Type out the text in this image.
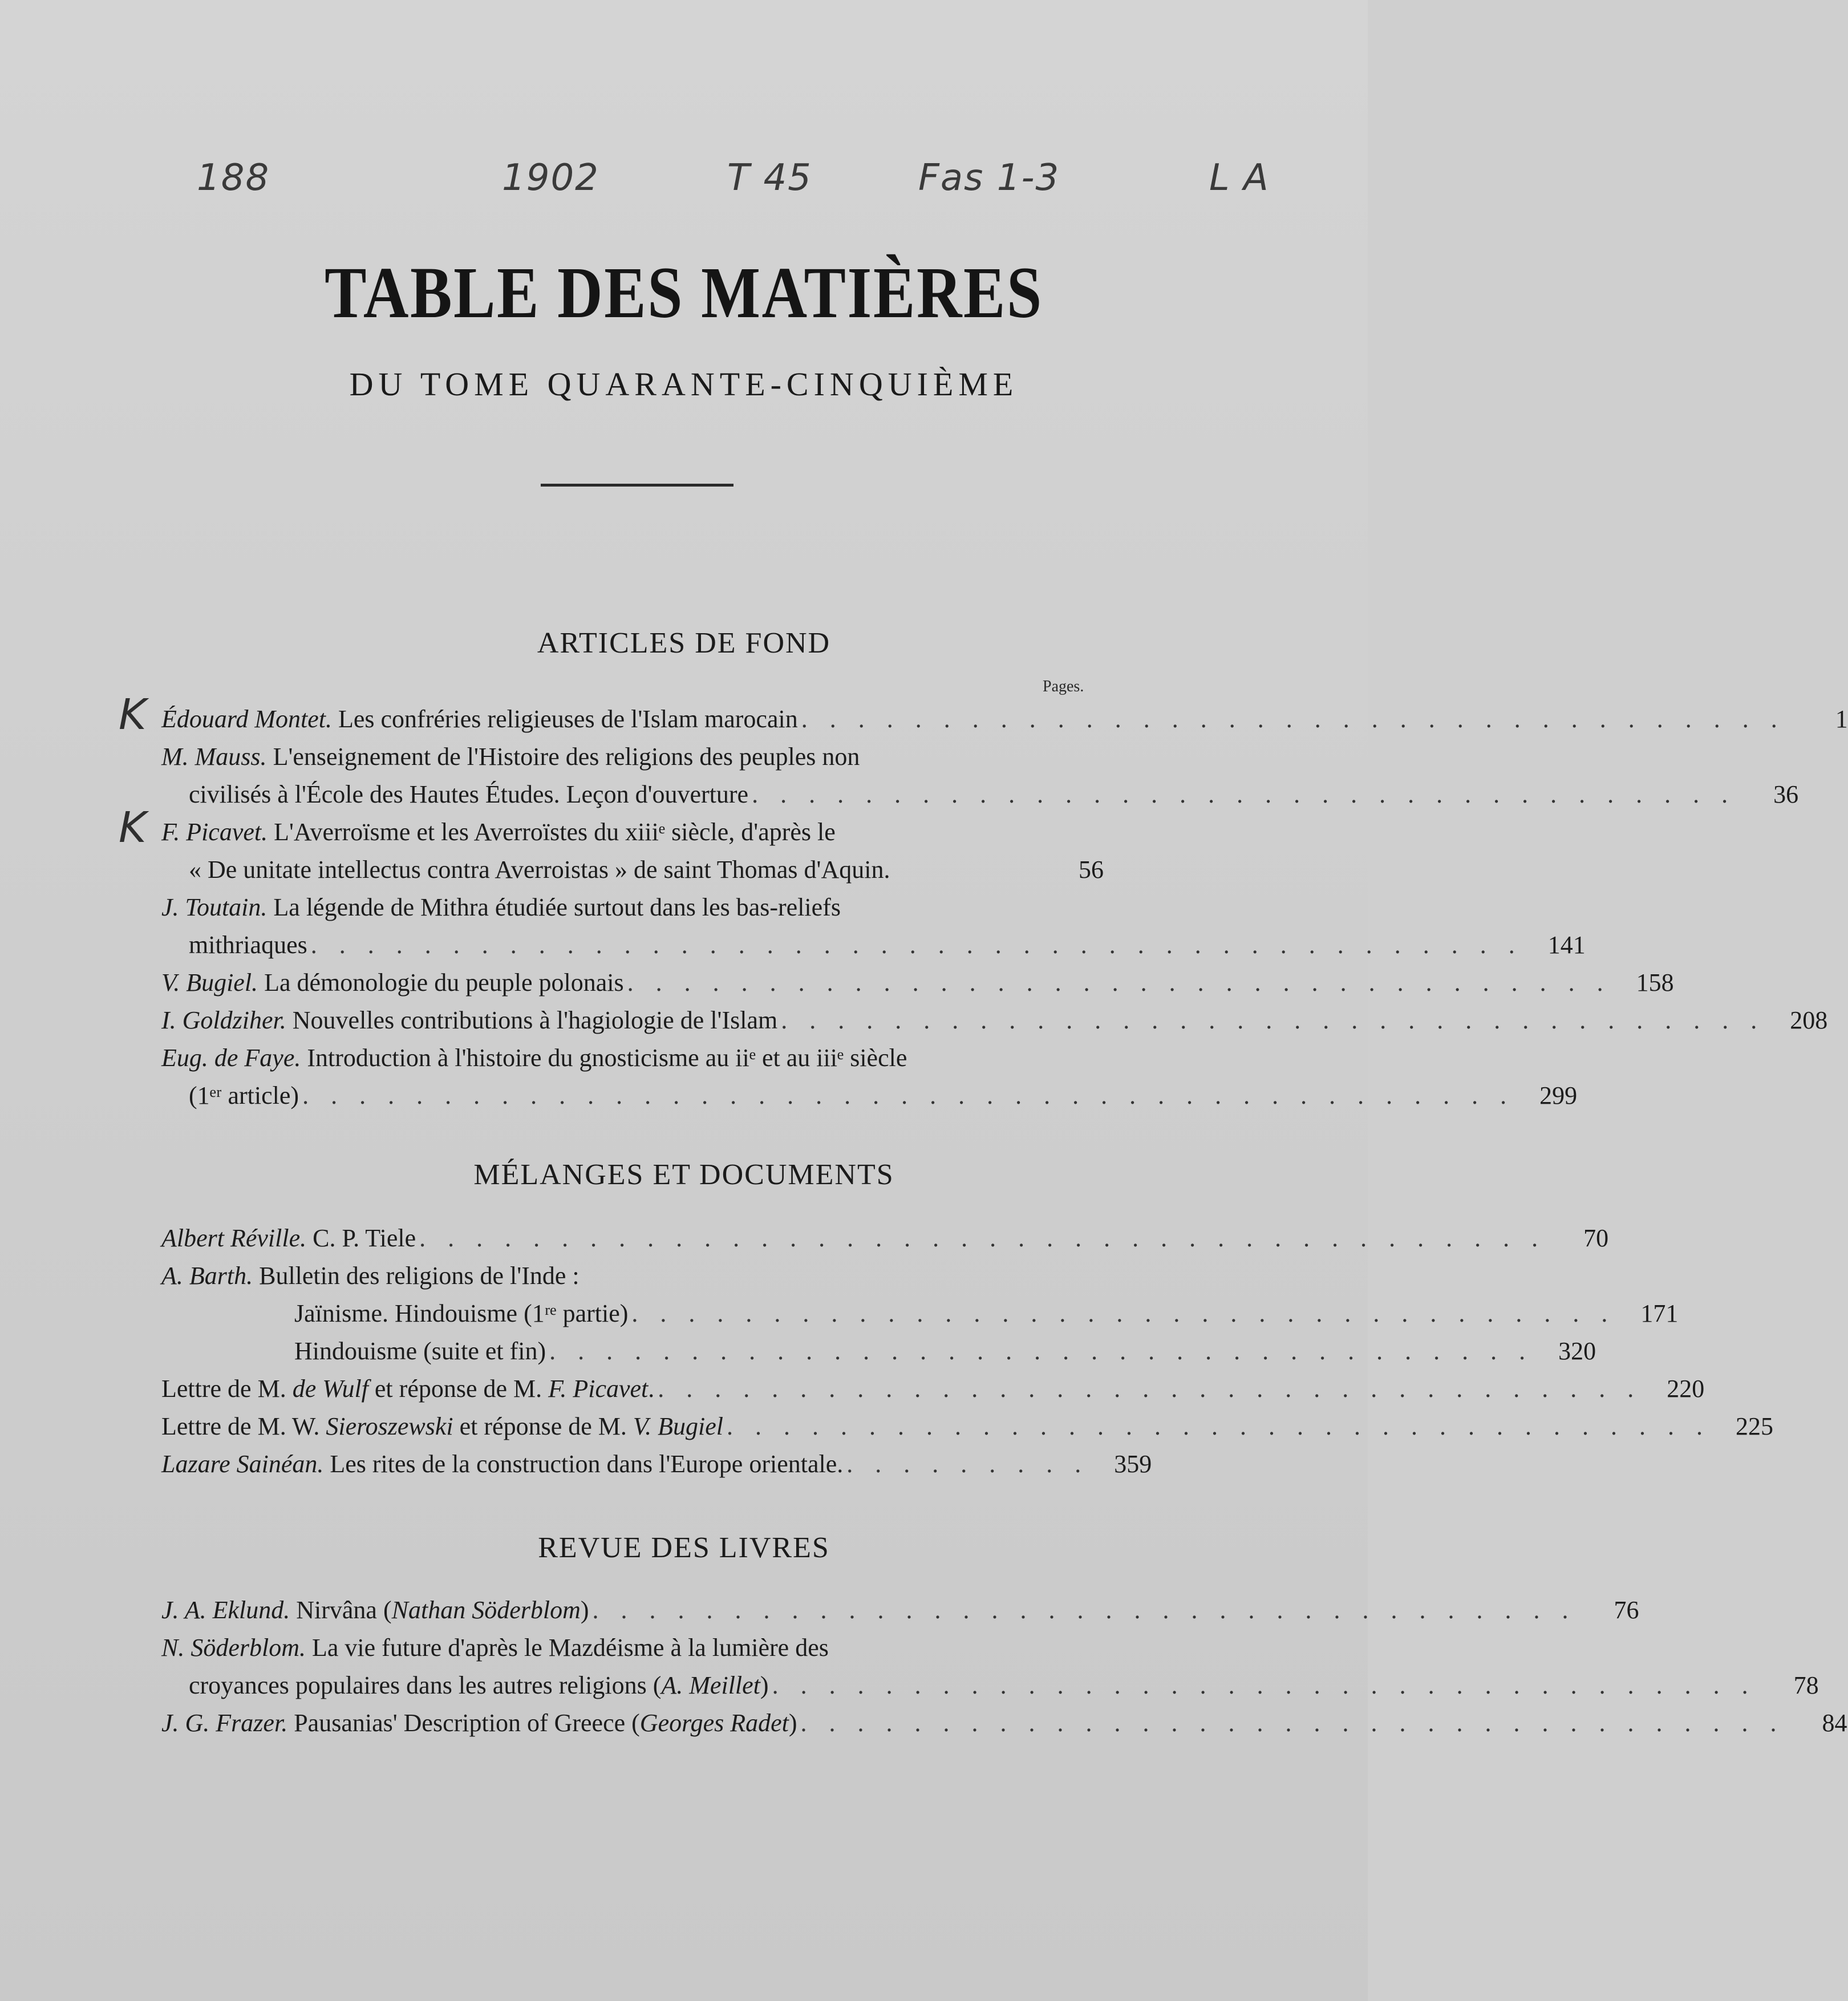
188	1902	T 45	Fas 1-3	L A
TABLE DES MATIÈRES
DU TOME QUARANTE-CINQUIÈME
ARTICLES DE FOND
Pages.
K
K
Édouard Montet. Les confréries religieuses de l'Islam marocain . . . . . . . . . . . . . . . . . . . . . . . . . . . . . . . . . . .	1
M. Mauss. L'enseignement de l'Histoire des religions des peuples non
civilisés à l'École des Hautes Études. Leçon d'ouverture . . . . . . . . . . . . . . . . . . . . . . . . . . . . . . . . . . .	36
F. Picavet. L'Averroïsme et les Averroïstes du xiiiᵉ siècle, d'après le
« De unitate intellectus contra Averroistas » de saint Thomas d'Aquin.	56
J. Toutain. La légende de Mithra étudiée surtout dans les bas-reliefs
mithriaques . . . . . . . . . . . . . . . . . . . . . . . . . . . . . . . . . . . . . . . . . . .	141
V. Bugiel. La démonologie du peuple polonais . . . . . . . . . . . . . . . . . . . . . . . . . . . . . . . . . . .	158
I. Goldziher. Nouvelles contributions à l'hagiologie de l'Islam . . . . . . . . . . . . . . . . . . . . . . . . . . . . . . . . . . .	208
Eug. de Faye. Introduction à l'histoire du gnosticisme au iiᵉ et au iiiᵉ siècle
(1ᵉʳ article) . . . . . . . . . . . . . . . . . . . . . . . . . . . . . . . . . . . . . . . . . . .	299
MÉLANGES ET DOCUMENTS
Albert Réville. C. P. Tiele . . . . . . . . . . . . . . . . . . . . . . . . . . . . . . . . . . . . . . . .	70
A. Barth. Bulletin des religions de l'Inde :
Jaïnisme. Hindouisme (1ʳᵉ partie) . . . . . . . . . . . . . . . . . . . . . . . . . . . . . . . . . . .	171
Hindouisme (suite et fin) . . . . . . . . . . . . . . . . . . . . . . . . . . . . . . . . . . .	320
Lettre de M. de Wulf et réponse de M. F. Picavet. . . . . . . . . . . . . . . . . . . . . . . . . . . . . . . . . . . .	220
Lettre de M. W. Sieroszewski et réponse de M. V. Bugiel . . . . . . . . . . . . . . . . . . . . . . . . . . . . . . . . . . .	225
Lazare Sainéan. Les rites de la construction dans l'Europe orientale. . . . . . . . . .	359
REVUE DES LIVRES
J. A. Eklund. Nirvâna (Nathan Söderblom) . . . . . . . . . . . . . . . . . . . . . . . . . . . . . . . . . . .	76
N. Söderblom. La vie future d'après le Mazdéisme à la lumière des
croyances populaires dans les autres religions (A. Meillet) . . . . . . . . . . . . . . . . . . . . . . . . . . . . . . . . . . .	78
J. G. Frazer. Pausanias' Description of Greece (Georges Radet) . . . . . . . . . . . . . . . . . . . . . . . . . . . . . . . . . . .	84
